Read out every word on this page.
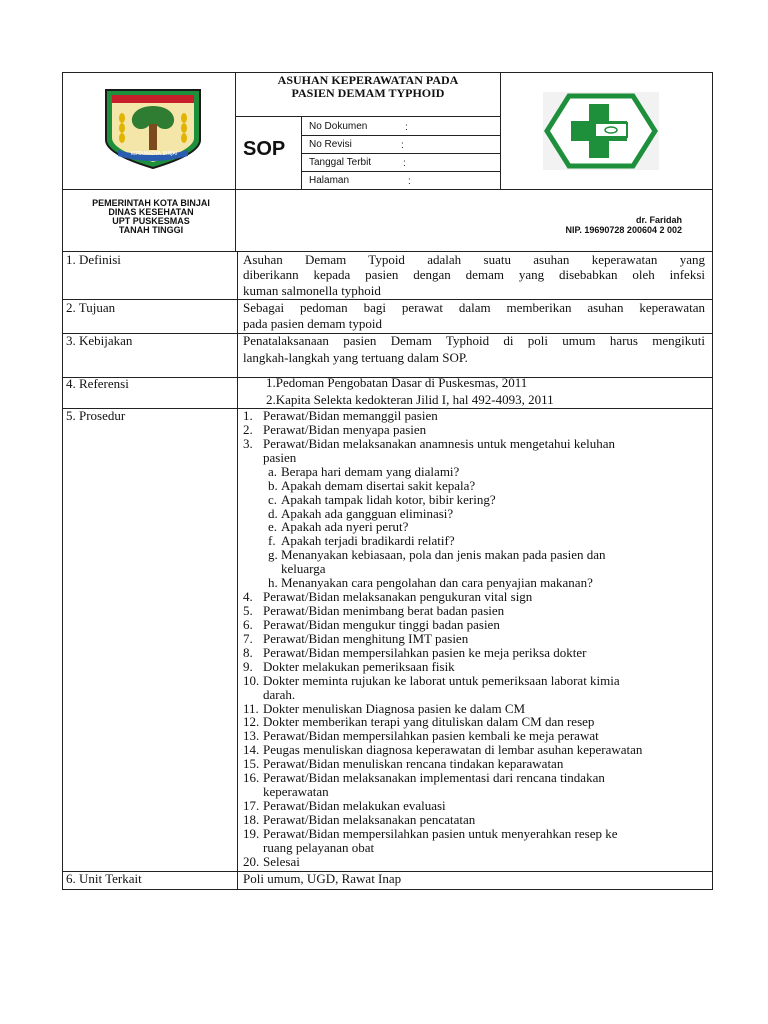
KOTAMADYA BINJAI
ASUHAN KEPERAWATAN PADA
PASIEN DEMAM TYPHOID
SOP
No Dokumen	:
No Revisi	:
Tanggal Terbit	:
Halaman	:
PEMERINTAH KOTA BINJAI
DINAS KESEHATAN
UPT PUSKESMAS
TANAH TINGGI
dr. Faridah
NIP. 19690728 200604 2 002
1. Definisi	Asuhan Demam Typoid adalah suatu asuhan keperawatan yang
diberikann kepada pasien dengan demam yang disebabkan oleh infeksi
kuman salmonella typhoid
2. Tujuan	Sebagai pedoman bagi perawat dalam memberikan asuhan keperawatan
pada pasien demam typoid
3. Kebijakan	Penatalaksanaan pasien Demam Typhoid di poli umum harus mengikuti
langkah-langkah yang tertuang dalam SOP.
4. Referensi	1.Pedoman Pengobatan Dasar di Puskesmas, 2011
2.Kapita Selekta kedokteran Jilid I, hal 492-4093, 2011
5. Prosedur	1. Perawat/Bidan memanggil pasien
2. Perawat/Bidan menyapa pasien
3. Perawat/Bidan melaksanakan anamnesis untuk mengetahui keluhan
pasien
a. Berapa hari demam yang dialami?
b. Apakah demam disertai sakit kepala?
c. Apakah tampak lidah kotor, bibir kering?
d. Apakah ada gangguan eliminasi?
e. Apakah ada nyeri perut?
f. Apakah terjadi bradikardi relatif?
g. Menanyakan kebiasaan, pola dan jenis makan pada pasien dan
keluarga
h. Menanyakan cara pengolahan dan cara penyajian makanan?
4. Perawat/Bidan melaksanakan pengukuran vital sign
5. Perawat/Bidan menimbang berat badan pasien
6. Perawat/Bidan mengukur tinggi badan pasien
7. Perawat/Bidan menghitung IMT pasien
8. Perawat/Bidan mempersilahkan pasien ke meja periksa dokter
9. Dokter melakukan pemeriksaan fisik
10. Dokter meminta rujukan ke laborat untuk pemeriksaan laborat kimia
darah.
11. Dokter menuliskan Diagnosa pasien ke dalam CM
12. Dokter memberikan terapi yang dituliskan dalam CM dan resep
13. Perawat/Bidan mempersilahkan pasien kembali ke meja perawat
14. Peugas menuliskan diagnosa keperawatan di lembar asuhan keperawatan
15. Perawat/Bidan menuliskan rencana tindakan keparawatan
16. Perawat/Bidan melaksanakan implementasi dari rencana tindakan
keperawatan
17. Perawat/Bidan melakukan evaluasi
18. Perawat/Bidan melaksanakan pencatatan
19. Perawat/Bidan mempersilahkan pasien untuk menyerahkan resep ke
ruang pelayanan obat
20. Selesai
6. Unit Terkait	Poli umum, UGD, Rawat Inap
